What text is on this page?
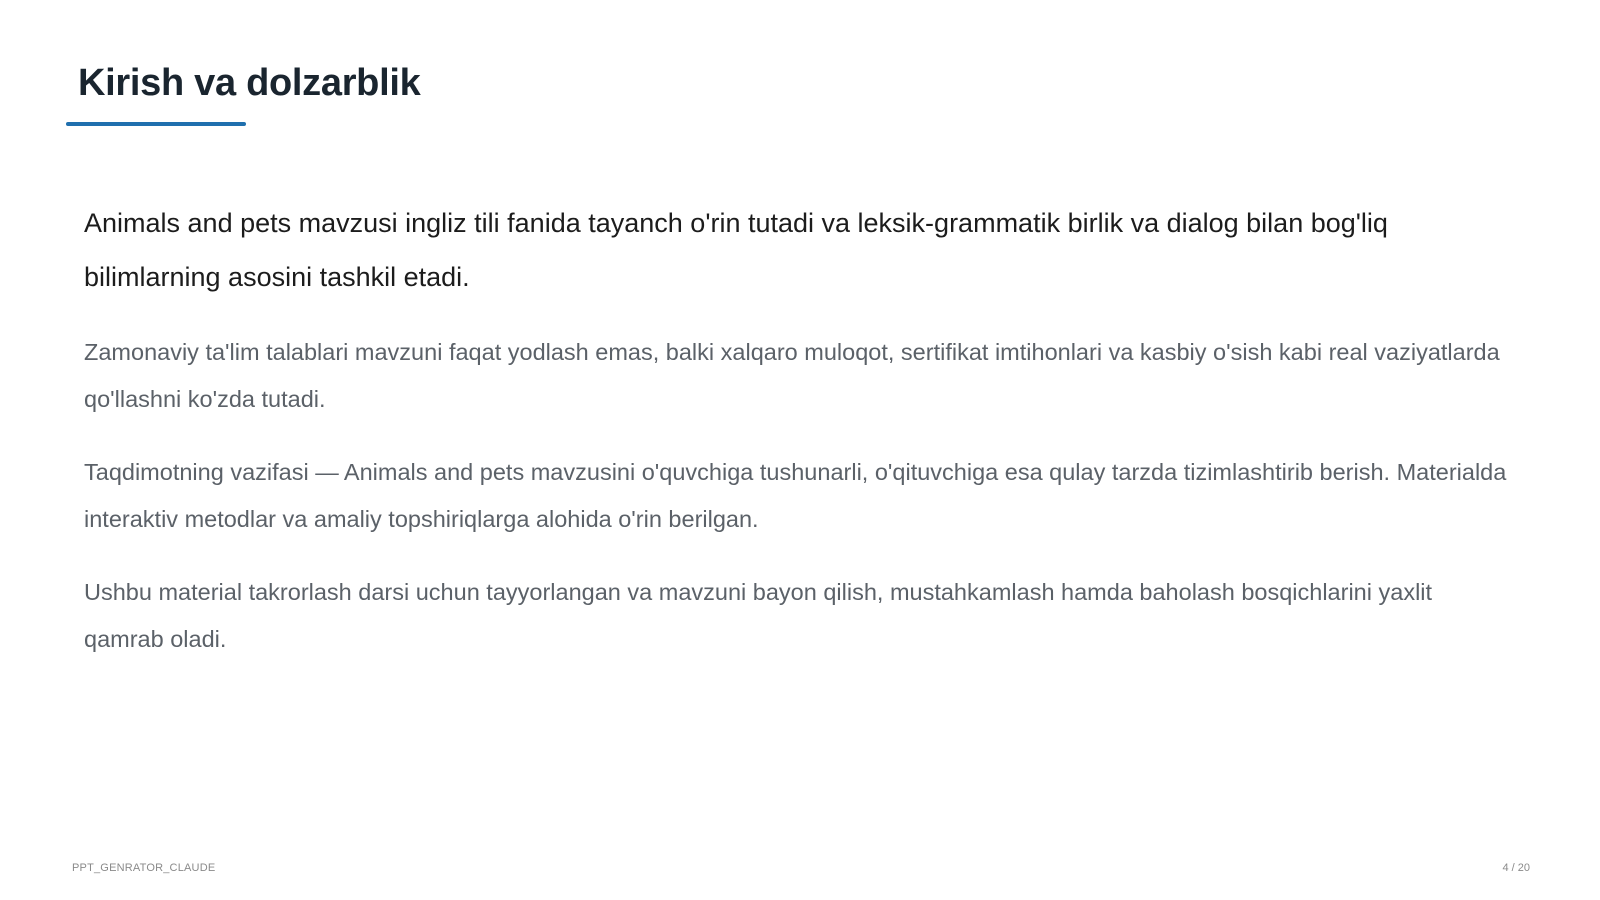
Kirish va dolzarblik

Animals and pets mavzusi ingliz tili fanida tayanch o'rin tutadi va leksik-grammatik birlik va dialog bilan bog'liq bilimlarning asosini tashkil etadi.

Zamonaviy ta'lim talablari mavzuni faqat yodlash emas, balki xalqaro muloqot, sertifikat imtihonlari va kasbiy o'sish kabi real vaziyatlarda qo'llashni ko'zda tutadi.

Taqdimotning vazifasi — Animals and pets mavzusini o'quvchiga tushunarli, o'qituvchiga esa qulay tarzda tizimlashtirib berish. Materialda interaktiv metodlar va amaliy topshiriqlarga alohida o'rin berilgan.

Ushbu material takrorlash darsi uchun tayyorlangan va mavzuni bayon qilish, mustahkamlash hamda baholash bosqichlarini yaxlit qamrab oladi.

PPT_GENRATOR_CLAUDE	4 / 20
